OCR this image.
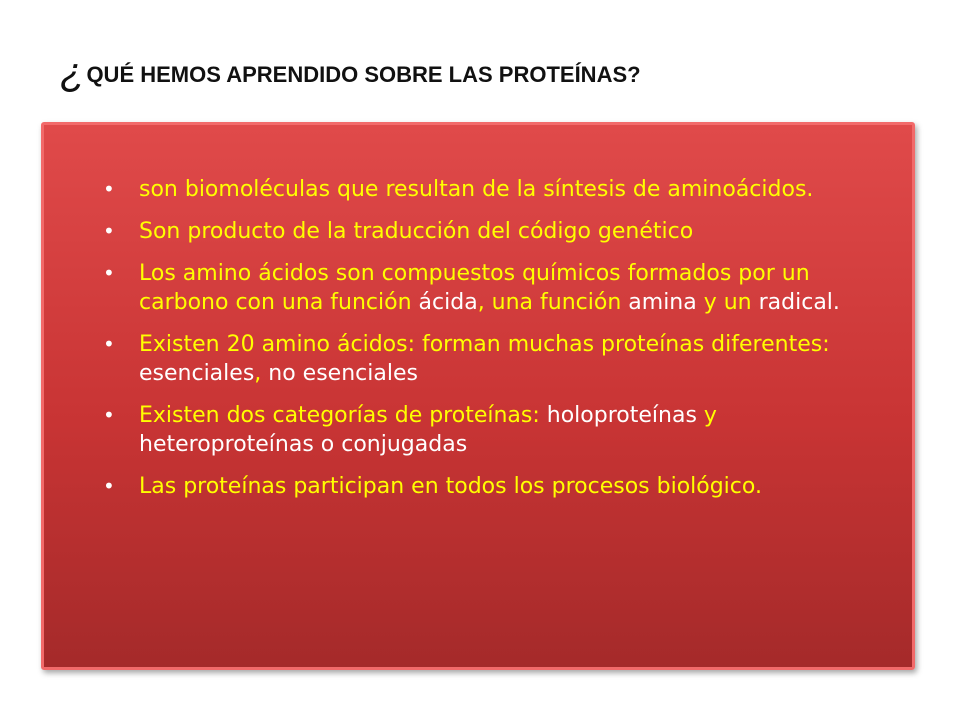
¿QUÉ HEMOS APRENDIDO SOBRE LAS PROTEÍNAS?
• son biomoléculas que resultan de la síntesis de aminoácidos.
• Son producto de la traducción del código genético
• Los amino ácidos son compuestos químicos formados por un carbono con una función ácida, una función amina y un radical.
• Existen 20 amino ácidos: forman muchas proteínas diferentes: esenciales, no esenciales
• Existen dos categorías de proteínas: holoproteínas y heteroproteínas o conjugadas
• Las proteínas participan en todos los procesos biológico.
